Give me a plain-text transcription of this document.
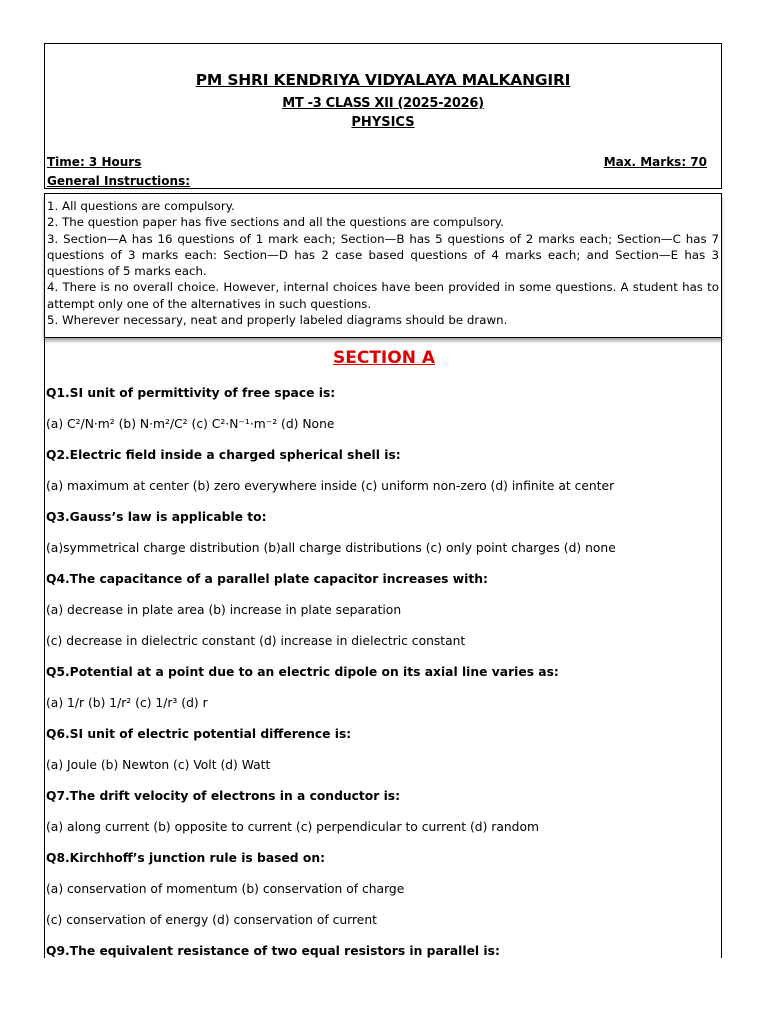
PM SHRI KENDRIYA VIDYALAYA MALKANGIRI
MT -3 CLASS XII (2025-2026)
PHYSICS
Time: 3 Hours	Max. Marks: 70
General Instructions:

1. All questions are compulsory.

2. The question paper has five sections and all the questions are compulsory.

3. Section—A has 16 questions of 1 mark each; Section—B has 5 questions of 2 marks each; Section—C has 7 questions of 3 marks each: Section—D has 2 case based questions of 4 marks each; and Section—E has 3 questions of 5 marks each.

4. There is no overall choice. However, internal choices have been provided in some questions. A student has to attempt only one of the alternatives in such questions.

5. Wherever necessary, neat and properly labeled diagrams should be drawn.

SECTION A
Q1.SI unit of permittivity of free space is:
(a) C²/N·m² (b) N·m²/C² (c) C²·N⁻¹·m⁻² (d) None
Q2.Electric field inside a charged spherical shell is:
(a) maximum at center (b) zero everywhere inside (c) uniform non-zero (d) infinite at center
Q3.Gauss’s law is applicable to:
(a)symmetrical charge distribution (b)all charge distributions (c) only point charges (d) none
Q4.The capacitance of a parallel plate capacitor increases with:
(a) decrease in plate area (b) increase in plate separation
(c) decrease in dielectric constant (d) increase in dielectric constant
Q5.Potential at a point due to an electric dipole on its axial line varies as:
(a) 1/r (b) 1/r² (c) 1/r³ (d) r
Q6.SI unit of electric potential difference is:
(a) Joule (b) Newton (c) Volt (d) Watt
Q7.The drift velocity of electrons in a conductor is:
(a) along current (b) opposite to current (c) perpendicular to current (d) random
Q8.Kirchhoff’s junction rule is based on:
(a) conservation of momentum (b) conservation of charge
(c) conservation of energy (d) conservation of current
Q9.The equivalent resistance of two equal resistors in parallel is:
